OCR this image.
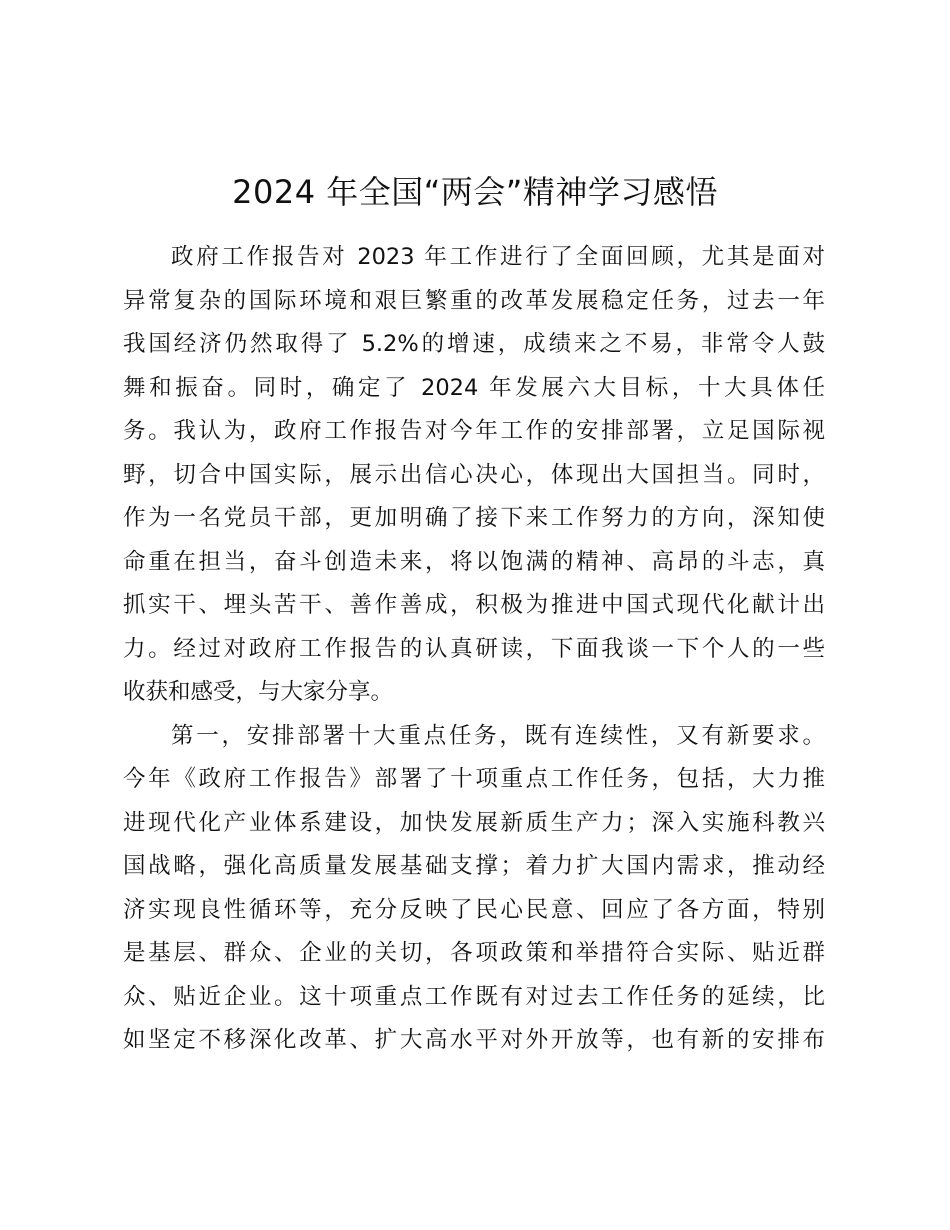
2024 年全国“两会”精神学习感悟
政府工作报告对 2023 年工作进行了全面回顾，尤其是面对
异常复杂的国际环境和艰巨繁重的改革发展稳定任务，过去一年
我国经济仍然取得了 5.2%的增速，成绩来之不易，非常令人鼓
舞和振奋。同时，确定了 2024 年发展六大目标，十大具体任
务。我认为，政府工作报告对今年工作的安排部署，立足国际视
野，切合中国实际，展示出信心决心，体现出大国担当。同时，
作为一名党员干部，更加明确了接下来工作努力的方向，深知使
命重在担当，奋斗创造未来，将以饱满的精神、高昂的斗志，真
抓实干、埋头苦干、善作善成，积极为推进中国式现代化献计出
力。经过对政府工作报告的认真研读，下面我谈一下个人的一些
收获和感受，与大家分享。
第一，安排部署十大重点任务，既有连续性，又有新要求。
今年《政府工作报告》部署了十项重点工作任务，包括，大力推
进现代化产业体系建设，加快发展新质生产力；深入实施科教兴
国战略，强化高质量发展基础支撑；着力扩大国内需求，推动经
济实现良性循环等，充分反映了民心民意、回应了各方面，特别
是基层、群众、企业的关切，各项政策和举措符合实际、贴近群
众、贴近企业。这十项重点工作既有对过去工作任务的延续，比
如坚定不移深化改革、扩大高水平对外开放等，也有新的安排布
